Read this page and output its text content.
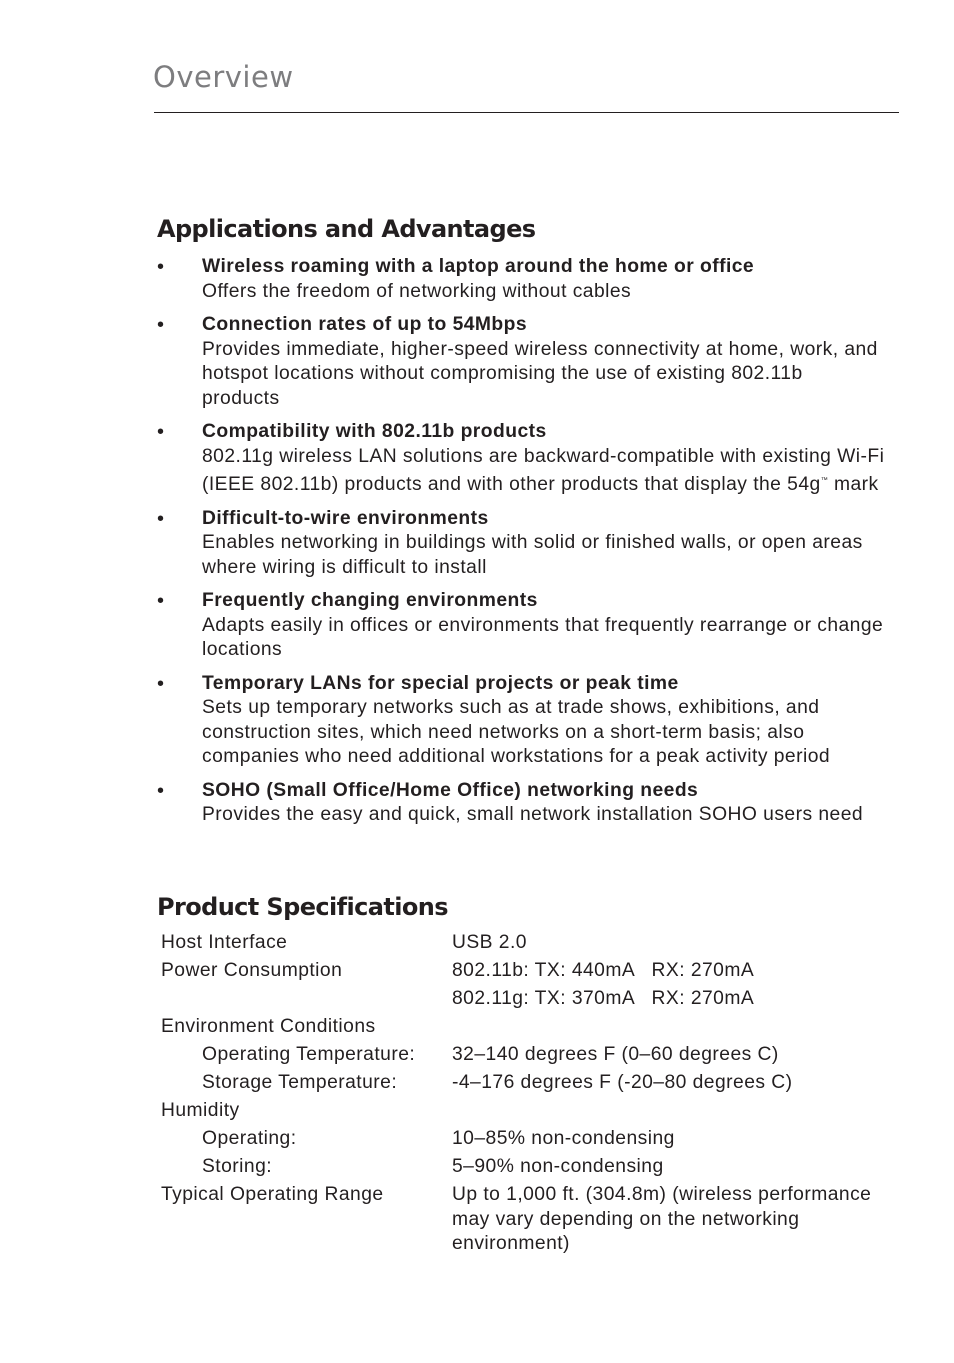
Overview
Applications and Advantages
• Wireless roaming with a laptop around the home or office
Offers the freedom of networking without cables
• Connection rates of up to 54Mbps
Provides immediate, higher-speed wireless connectivity at home, work, and hotspot locations without compromising the use of existing 802.11b products
• Compatibility with 802.11b products
802.11g wireless LAN solutions are backward-compatible with existing Wi-Fi (IEEE 802.11b) products and with other products that display the 54g™ mark
• Difficult-to-wire environments
Enables networking in buildings with solid or finished walls, or open areas where wiring is difficult to install
• Frequently changing environments
Adapts easily in offices or environments that frequently rearrange or change locations
• Temporary LANs for special projects or peak time
Sets up temporary networks such as at trade shows, exhibitions, and construction sites, which need networks on a short-term basis; also companies who need additional workstations for a peak activity period
• SOHO (Small Office/Home Office) networking needs
Provides the easy and quick, small network installation SOHO users need
Product Specifications
Host Interface	USB 2.0
Power Consumption	802.11b: TX: 440mA   RX: 270mA
	802.11g: TX: 370mA   RX: 270mA
Environment Conditions	
Operating Temperature:	32–140 degrees F (0–60 degrees C)
Storage Temperature:	-4–176 degrees F (-20–80 degrees C)
Humidity	
Operating:	10–85% non-condensing
Storing:	5–90% non-condensing
Typical Operating Range	Up to 1,000 ft. (304.8m) (wireless performance may vary depending on the networking environment)
